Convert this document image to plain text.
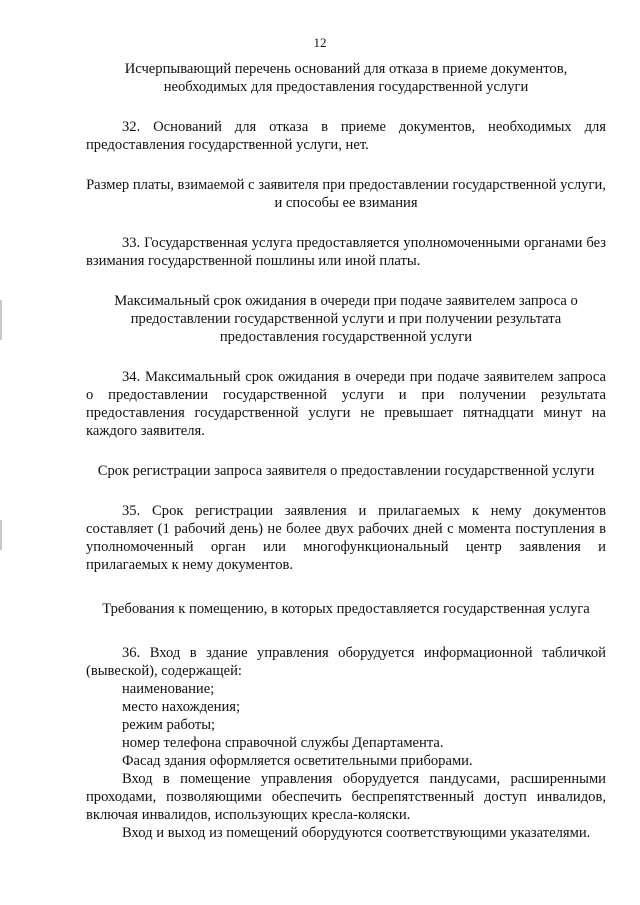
12

Исчерпывающий перечень оснований для отказа в приеме документов, необходимых для предоставления государственной услуги

32. Оснований для отказа в приеме документов, необходимых для предоставления государственной услуги, нет.

Размер платы, взимаемой с заявителя при предоставлении государственной услуги, и способы ее взимания

33. Государственная услуга предоставляется уполномоченными органами без взимания государственной пошлины или иной платы.

Максимальный срок ожидания в очереди при подаче заявителем запроса о предоставлении государственной услуги и при получении результата предоставления государственной услуги

34. Максимальный срок ожидания в очереди при подаче заявителем запроса о предоставлении государственной услуги и при получении результата предоставления государственной услуги не превышает пятнадцати минут на каждого заявителя.

Срок регистрации запроса заявителя о предоставлении государственной услуги

35. Срок регистрации заявления и прилагаемых к нему документов составляет (1 рабочий день) не более двух рабочих дней с момента поступления в уполномоченный орган или многофункциональный центр заявления и прилагаемых к нему документов.

Требования к помещению, в которых предоставляется государственная услуга

36. Вход в здание управления оборудуется информационной табличкой (вывеской), содержащей:

наименование;

место нахождения;

режим работы;

номер телефона справочной службы Департамента.

Фасад здания оформляется осветительными приборами.

Вход в помещение управления оборудуется пандусами, расширенными проходами, позволяющими обеспечить беспрепятственный доступ инвалидов, включая инвалидов, использующих кресла-коляски.

Вход и выход из помещений оборудуются соответствующими указателями.
